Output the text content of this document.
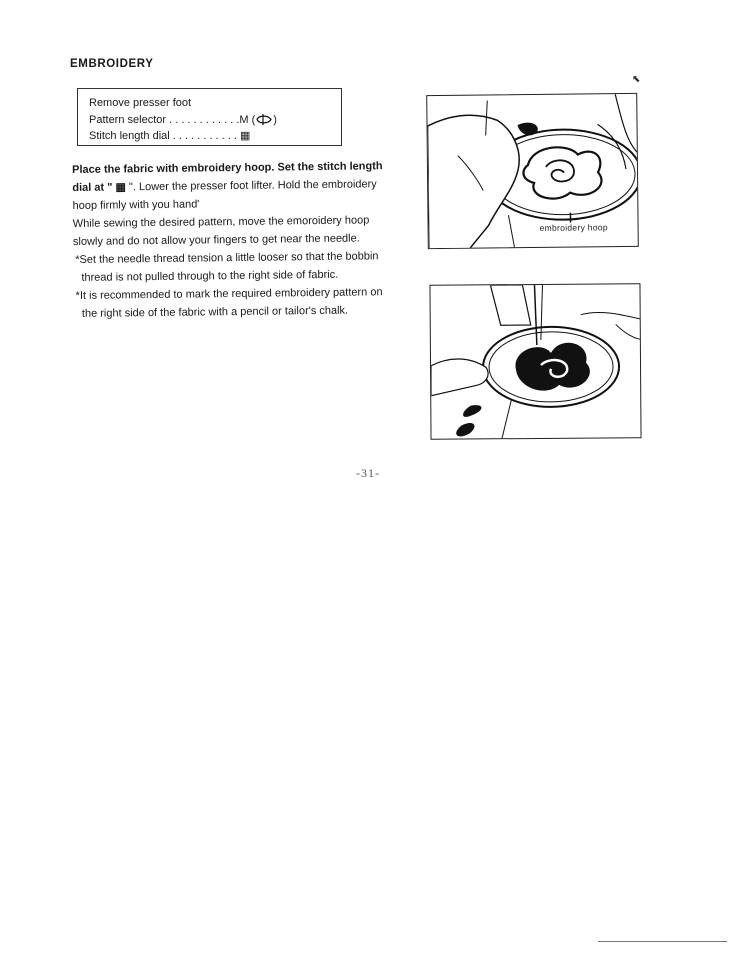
EMBROIDERY
⬉
Remove presser foot
Pattern selector . . . . . . . . . . . .M ( )
Stitch length dial . . . . . . . . . . . ▦

Place the fabric with embroidery hoop. Set the stitch length dial at " ▦ ". Lower the presser foot lifter. Hold the embroidery hoop firmly with you hand'

While sewing the desired pattern, move the emoroidery hoop slowly and do not allow your fingers to get near the needle.

*Set the needle thread tension a little looser so that the bobbin thread is not pulled through to the right side of fabric.

*It is recommended to mark the required embroidery pattern on the right side of the fabric with a pencil or tailor's chalk.

embroidery hoop
-31-
